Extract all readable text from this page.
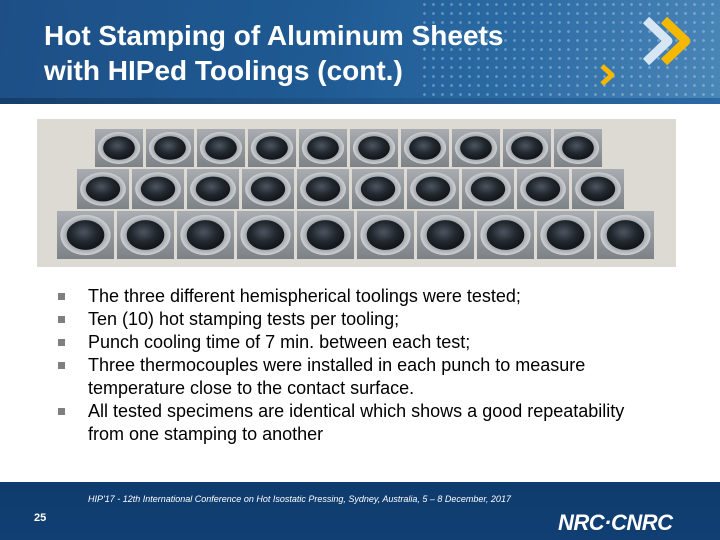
Hot Stamping of Aluminum Sheets
with HIPed Toolings (cont.)
The three different hemispherical toolings were tested;
Ten (10) hot stamping tests per tooling;
Punch cooling time of 7 min. between each test;
Three thermocouples were installed in each punch to measure temperature close to the contact surface.
All tested specimens are identical which shows a good repeatability from one stamping to another
25
HIP'17 - 12th International Conference on Hot Isostatic Pressing, Sydney, Australia, 5 – 8 December, 2017
NRC·CNRC
